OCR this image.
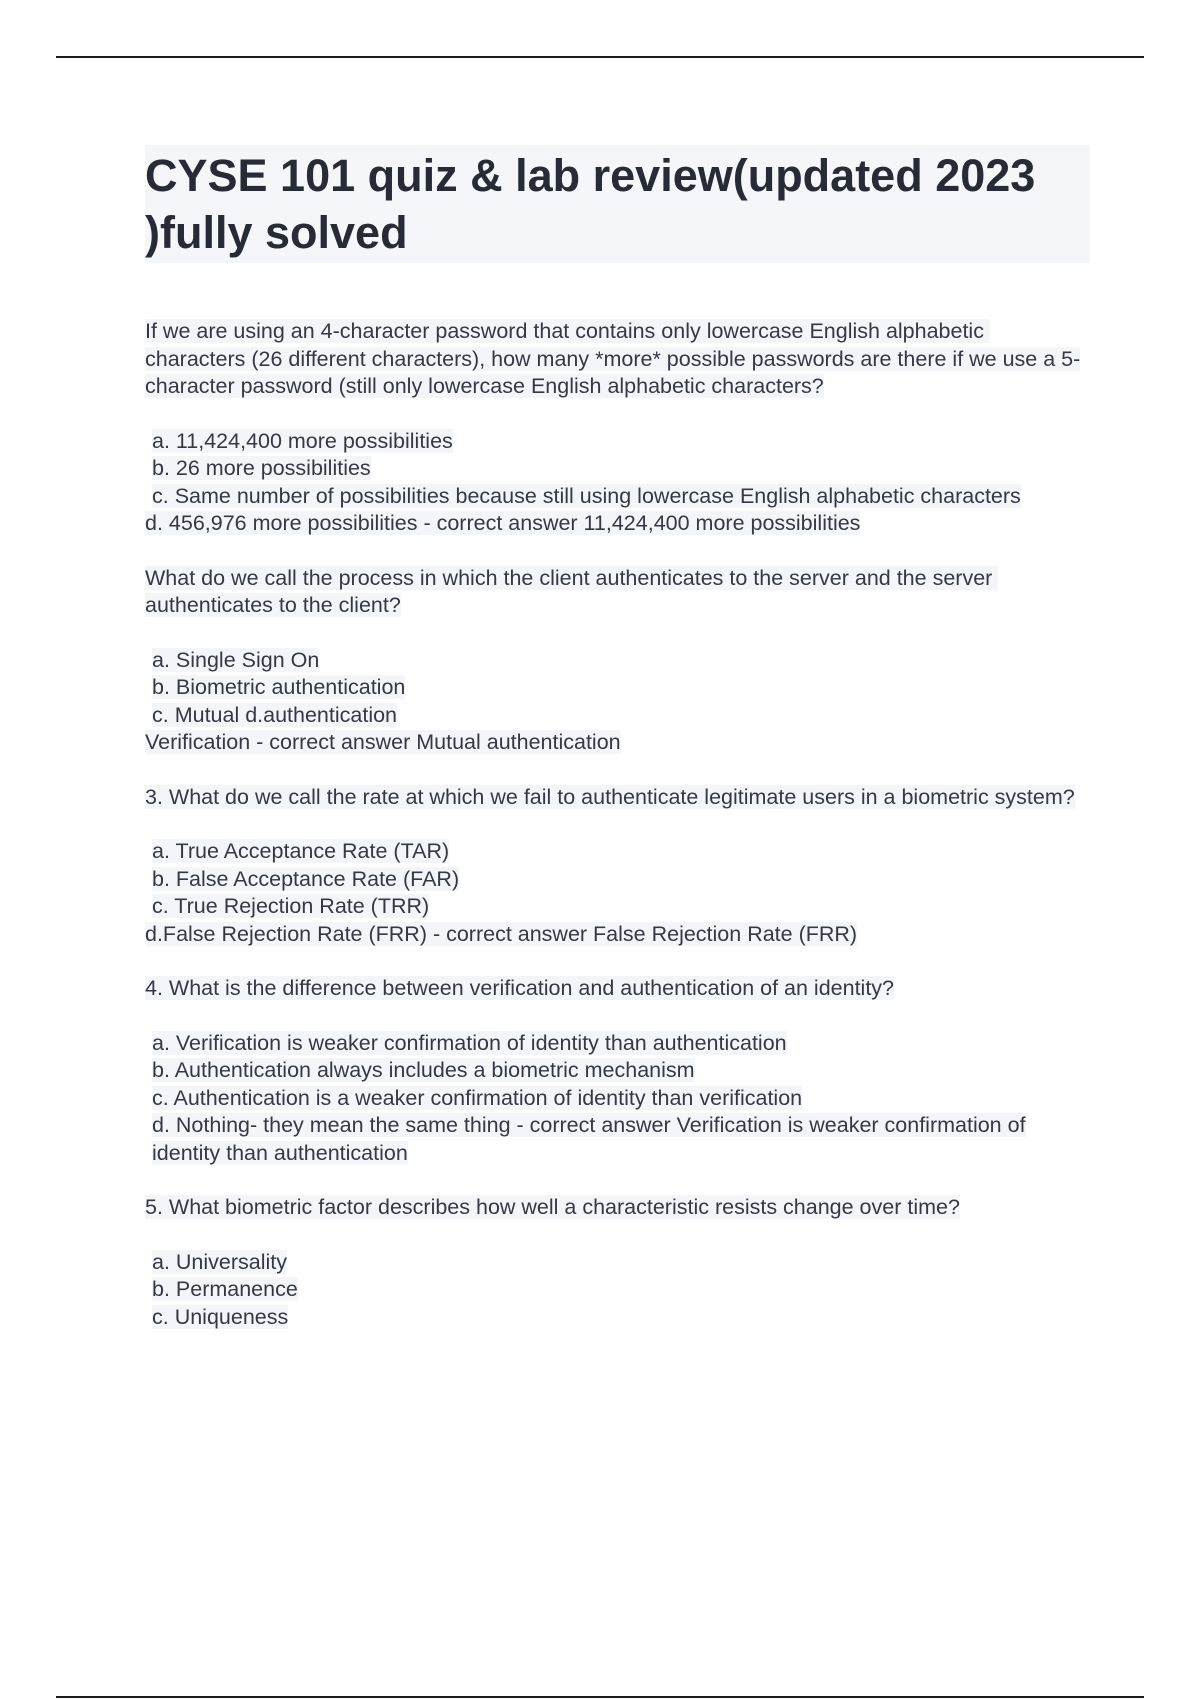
CYSE 101 quiz & lab review(updated 2023 )fully solved

If we are using an 4-character password that contains only lowercase English alphabetic characters (26 different characters), how many *more* possible passwords are there if we use a 5-character password (still only lowercase English alphabetic characters?

a. 11,424,400 more possibilities

b. 26 more possibilities

c. Same number of possibilities because still using lowercase English alphabetic characters

d. 456,976 more possibilities - correct answer 11,424,400 more possibilities

What do we call the process in which the client authenticates to the server and the server authenticates to the client?

a. Single Sign On

b. Biometric authentication

c. Mutual d.authentication

Verification - correct answer Mutual authentication

3. What do we call the rate at which we fail to authenticate legitimate users in a biometric system?

a. True Acceptance Rate (TAR)

b. False Acceptance Rate (FAR)

c. True Rejection Rate (TRR)

d.False Rejection Rate (FRR) - correct answer False Rejection Rate (FRR)

4. What is the difference between verification and authentication of an identity?

a. Verification is weaker confirmation of identity than authentication

b. Authentication always includes a biometric mechanism

c. Authentication is a weaker confirmation of identity than verification

d. Nothing- they mean the same thing - correct answer Verification is weaker confirmation of identity than authentication

5. What biometric factor describes how well a characteristic resists change over time?

a. Universality

b. Permanence

c. Uniqueness
